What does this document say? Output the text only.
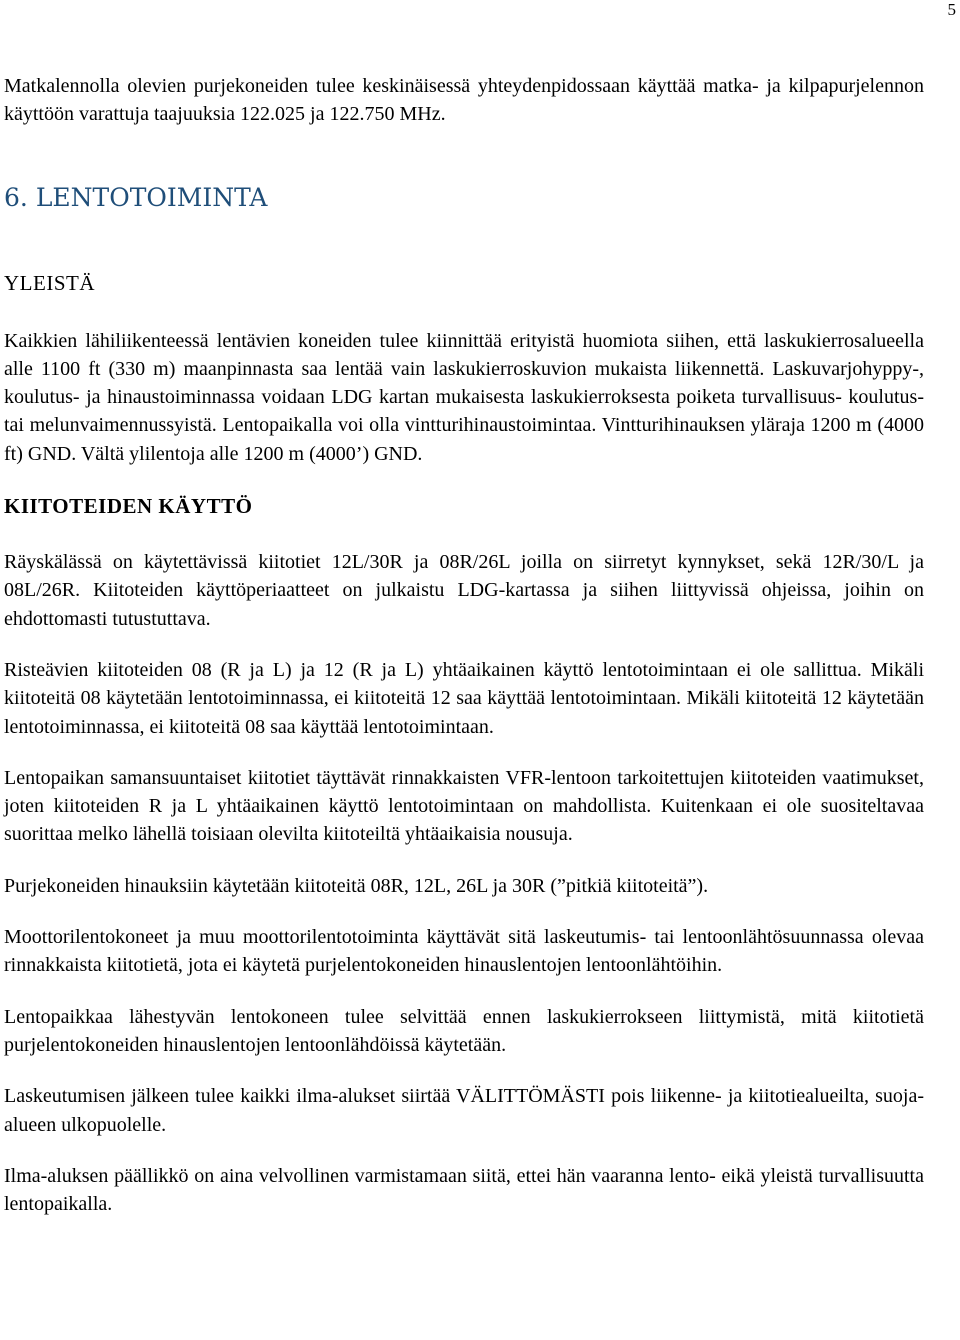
5

Matkalennolla olevien purjekoneiden tulee keskinäisessä yhteydenpidossaan käyttää matka- ja kilpapurjelennon käyttöön varattuja taajuuksia 122.025 ja 122.750 MHz.

6. LENTOTOIMINTA
YLEISTÄ

Kaikkien lähiliikenteessä lentävien koneiden tulee kiinnittää erityistä huomiota siihen, että laskukierrosalueella alle 1100 ft (330 m) maanpinnasta saa lentää vain laskukierroskuvion mukaista liikennettä. Laskuvarjohyppy-, koulutus- ja hinaustoiminnassa voidaan LDG kartan mukaisesta laskukierroksesta poiketa turvallisuus- koulutus- tai melunvaimennussyistä. Lentopaikalla voi olla vintturihinaustoimintaa. Vintturihinauksen yläraja 1200 m (4000 ft) GND. Vältä ylilentoja alle 1200 m (4000’) GND.

KIITOTEIDEN KÄYTTÖ

Räyskälässä on käytettävissä kiitotiet 12L/30R ja 08R/26L joilla on siirretyt kynnykset, sekä 12R/30/L ja 08L/26R. Kiitoteiden käyttöperiaatteet on julkaistu LDG-kartassa ja siihen liittyvissä ohjeissa, joihin on ehdottomasti tutustuttava.

Risteävien kiitoteiden 08 (R ja L) ja 12 (R ja L) yhtäaikainen käyttö lentotoimintaan ei ole sallittua. Mikäli kiitoteitä 08 käytetään lentotoiminnassa, ei kiitoteitä 12 saa käyttää lentotoimintaan. Mikäli kiitoteitä 12 käytetään lentotoiminnassa, ei kiitoteitä 08 saa käyttää lentotoimintaan.

Lentopaikan samansuuntaiset kiitotiet täyttävät rinnakkaisten VFR-lentoon tarkoitettujen kiitoteiden vaatimukset, joten kiitoteiden R ja L yhtäaikainen käyttö lentotoimintaan on mahdollista. Kuitenkaan ei ole suositeltavaa suorittaa melko lähellä toisiaan olevilta kiitoteiltä yhtäaikaisia nousuja.

Purjekoneiden hinauksiin käytetään kiitoteitä 08R, 12L, 26L ja 30R (”pitkiä kiitoteitä”).

Moottorilentokoneet ja muu moottorilentotoiminta käyttävät sitä laskeutumis- tai lentoonlähtösuunnassa olevaa rinnakkaista kiitotietä, jota ei käytetä purjelentokoneiden hinauslentojen lentoonlähtöihin.

Lentopaikkaa lähestyvän lentokoneen tulee selvittää ennen laskukierrokseen liittymistä, mitä kiitotietä purjelentokoneiden hinauslentojen lentoonlähdöissä käytetään.

Laskeutumisen jälkeen tulee kaikki ilma-alukset siirtää VÄLITTÖMÄSTI pois liikenne- ja kiitotiealueilta, suoja-alueen ulkopuolelle.

Ilma-aluksen päällikkö on aina velvollinen varmistamaan siitä, ettei hän vaaranna lento- eikä yleistä turvallisuutta lentopaikalla.
